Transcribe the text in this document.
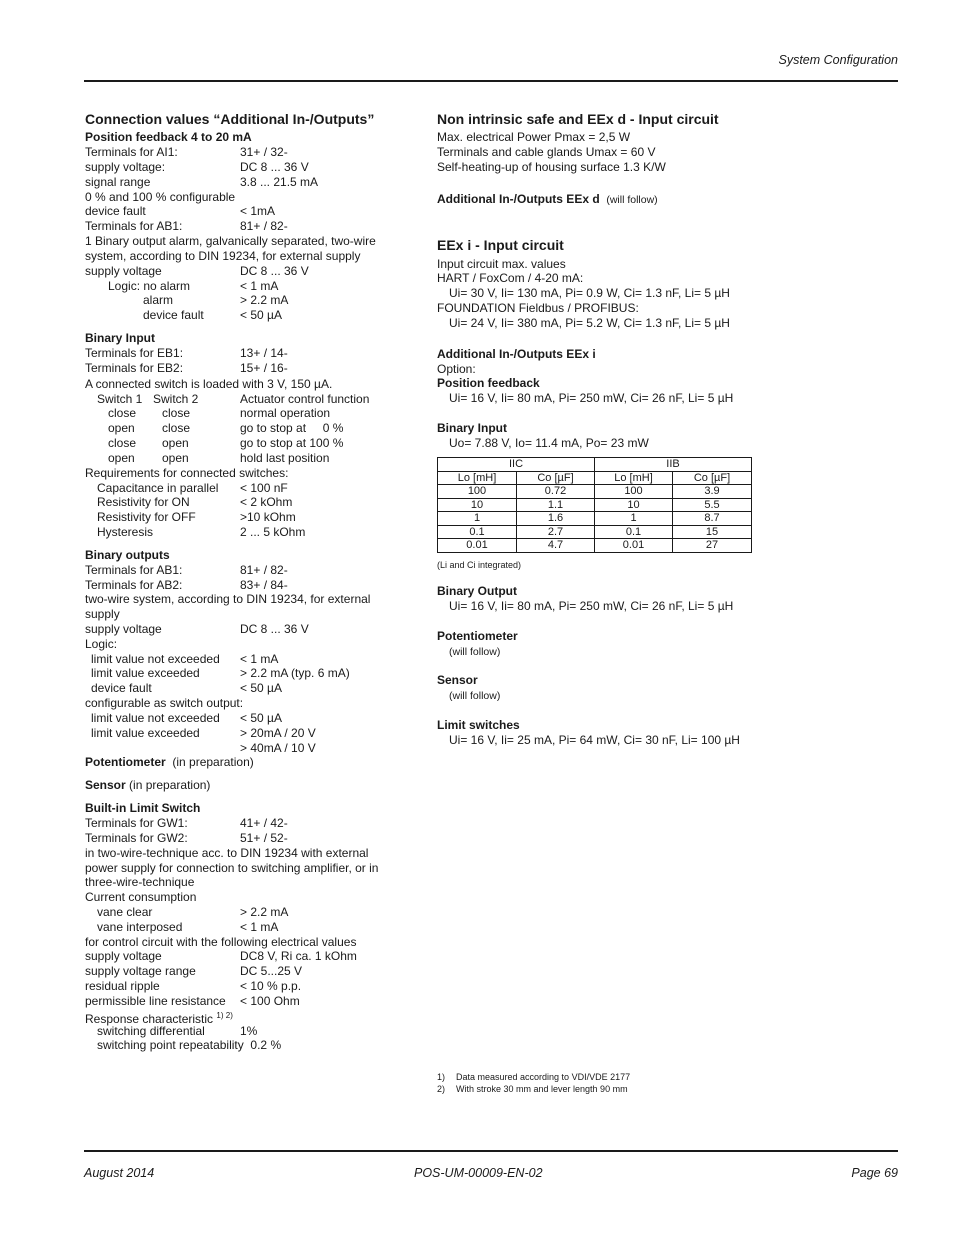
System Configuration
Connection values “Additional In-/Outputs”
Position feedback 4 to 20 mA
Terminals for AI1:	31+ / 32-
supply voltage:	DC 8 ... 36 V
signal range	3.8 ... 21.5 mA
0 % and 100 % configurable
device fault	< 1mA
Terminals for AB1:	81+ / 82-
1 Binary output alarm, galvanically separated, two-wire
system, according to DIN 19234, for external supply
supply voltage	DC 8 ... 36 V
Logic: no alarm	< 1 mA
alarm	> 2.2 mA
device fault	< 50 µA
Binary Input
Terminals for EB1:	13+ / 14-
Terminals for EB2:	15+ / 16-
A connected switch is loaded with 3 V, 150 µA.
Switch 1 Switch 2	Actuator control function
close close	normal operation
open close	go to stop at     0 %
close open	go to stop at 100 %
open open	hold last position
Requirements for connected switches:
Capacitance in parallel < 100 nF
Resistivity for ON	< 2 kOhm
Resistivity for OFF	>10 kOhm
Hysteresis	2 ... 5 kOhm
Binary outputs
Terminals for AB1:	81+ / 82-
Terminals for AB2:	83+ / 84-
two-wire system, according to DIN 19234, for external
supply
supply voltage	DC 8 ... 36 V
Logic:
limit value not exceeded < 1 mA
limit value exceeded	> 2.2 mA (typ. 6 mA)
device fault	< 50 µA
configurable as switch output:
limit value not exceeded < 50 µA
limit value exceeded	> 20mA / 20 V
> 40mA / 10 V
Potentiometer (in preparation)
Sensor (in preparation)
Built-in Limit Switch
Terminals for GW1:	41+ / 42-
Terminals for GW2:	51+ / 52-
in two-wire-technique acc. to DIN 19234 with external
power supply for connection to switching amplifier, or in
three-wire-technique
Current consumption
vane clear	> 2.2 mA
vane interposed	< 1 mA
for control circuit with the following electrical values
supply voltage	DC8 V, Ri ca. 1 kOhm
supply voltage range	DC 5...25 V
residual ripple	< 10 % p.p.
permissible line resistance < 100 Ohm
Response characteristic $^{1) 2)}$
switching differential	1%
switching point repeatability 0.2 %
Non intrinsic safe and EEx d - Input circuit
Max. electrical Power Pmax = 2,5 W
Terminals and cable glands Umax = 60 V
Self-heating-up of housing surface 1.3 K/W
Additional In-/Outputs EEx d (will follow)
EEx i - Input circuit
Input circuit max. values
HART / FoxCom / 4-20 mA:
Ui= 30 V, Ii= 130 mA, Pi= 0.9 W, Ci= 1.3 nF, Li= 5 µH
FOUNDATION Fieldbus / PROFIBUS:
Ui= 24 V, Ii= 380 mA, Pi= 5.2 W, Ci= 1.3 nF, Li= 5 µH
Additional In-/Outputs EEx i
Option:
Position feedback
Ui= 16 V, Ii= 80 mA, Pi= 250 mW, Ci= 26 nF, Li= 5 µH
Binary Input
Uo= 7.88 V, Io= 11.4 mA, Po= 23 mW
IIC		IIB	
Lo [mH]	Co [µF]	Lo [mH]	Co [µF]
100	0.72	100	3.9
10	1.1	10	5.5
1	1.6	1	8.7
0.1	2.7	0.1	15
0.01	4.7	0.01	27
(Li and Ci integrated)
Binary Output
Ui= 16 V, Ii= 80 mA, Pi= 250 mW, Ci= 26 nF, Li= 5 µH
Potentiometer
(will follow)
Sensor
(will follow)
Limit switches
Ui= 16 V, Ii= 25 mA, Pi= 64 mW, Ci= 30 nF, Li= 100 µH
1) Data measured according to VDI/VDE 2177
2) With stroke 30 mm and lever length 90 mm
August 2014	POS-UM-00009-EN-02	Page 69
